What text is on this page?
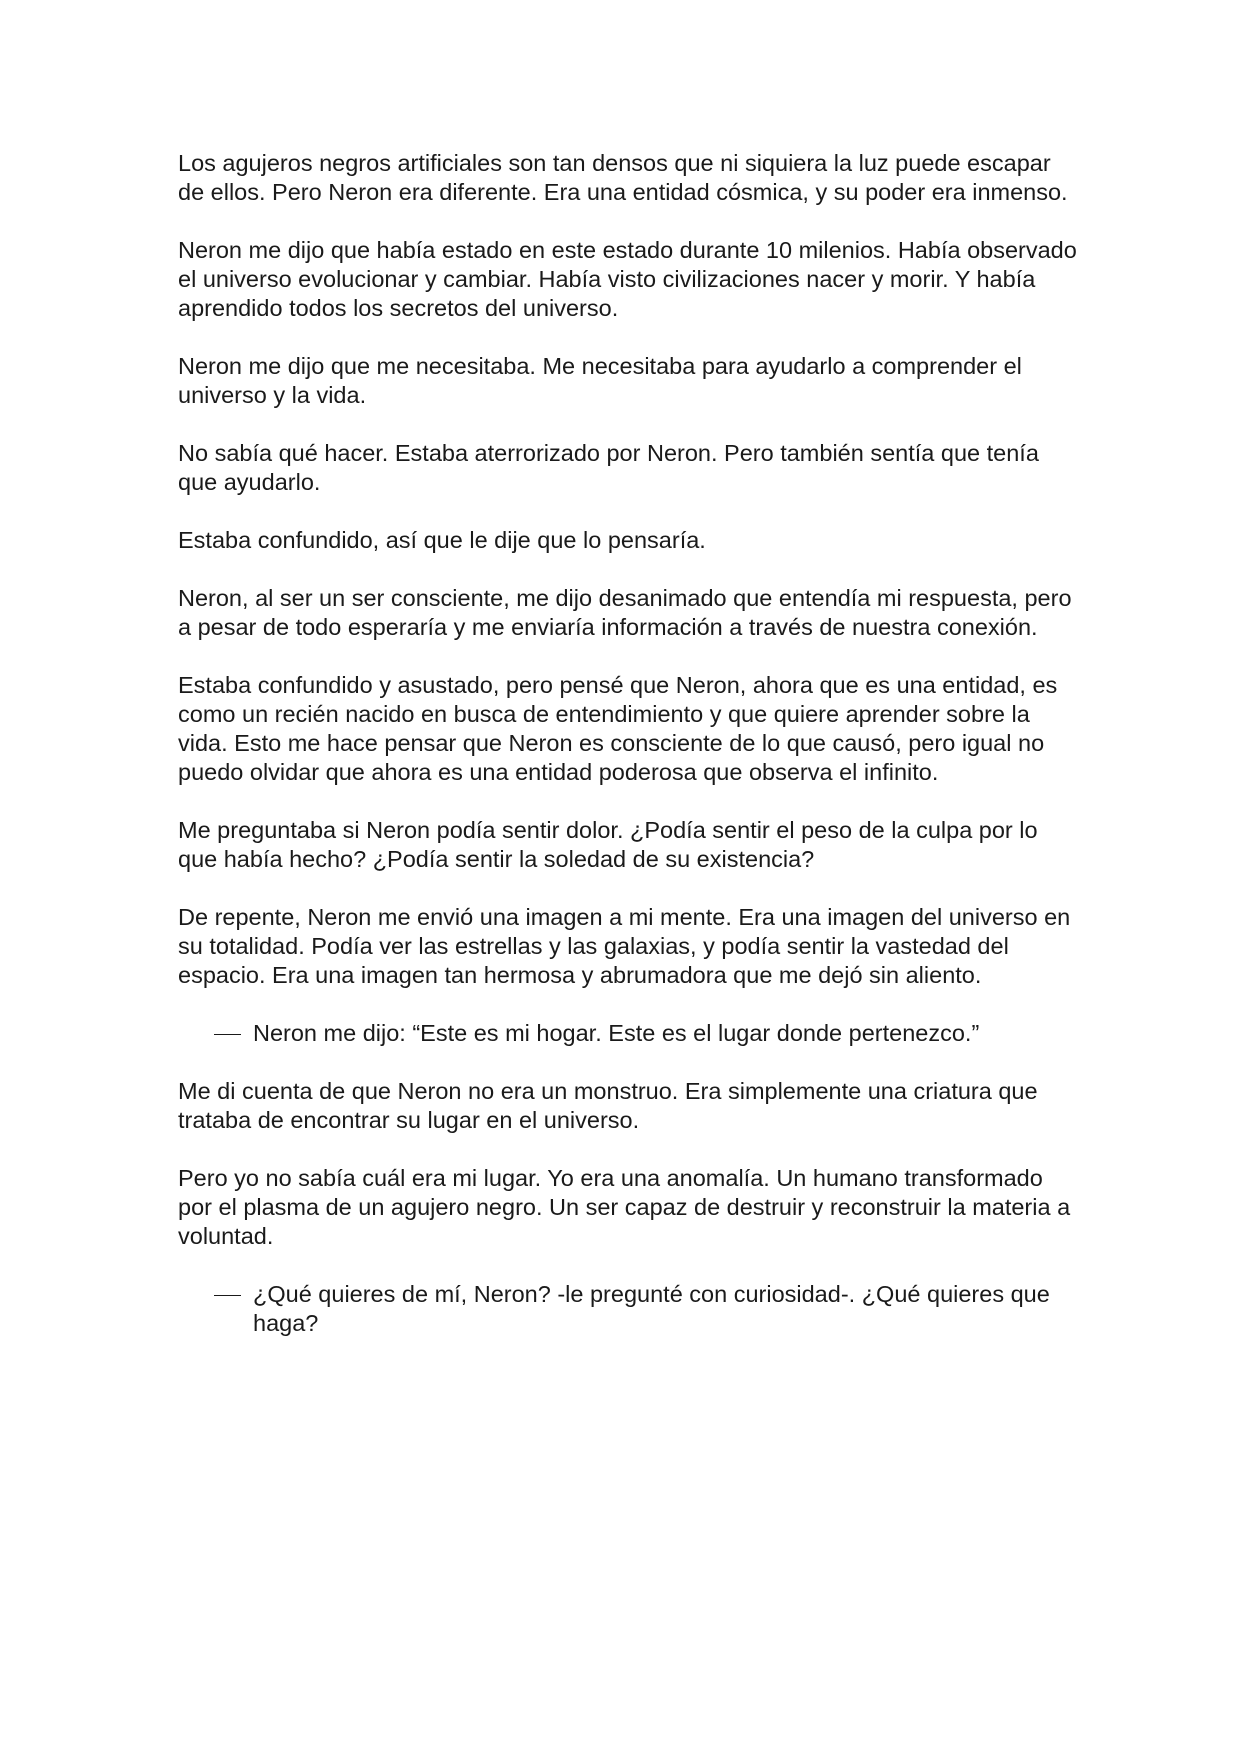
Los agujeros negros artificiales son tan densos que ni siquiera la luz puede escapar de ellos. Pero Neron era diferente. Era una entidad cósmica, y su poder era inmenso.

Neron me dijo que había estado en este estado durante 10 milenios. Había observado el universo evolucionar y cambiar. Había visto civilizaciones nacer y morir. Y había aprendido todos los secretos del universo.

Neron me dijo que me necesitaba. Me necesitaba para ayudarlo a comprender el universo y la vida.

No sabía qué hacer. Estaba aterrorizado por Neron. Pero también sentía que tenía que ayudarlo.

Estaba confundido, así que le dije que lo pensaría.

Neron, al ser un ser consciente, me dijo desanimado que entendía mi respuesta, pero a pesar de todo esperaría y me enviaría información a través de nuestra conexión.

Estaba confundido y asustado, pero pensé que Neron, ahora que es una entidad, es como un recién nacido en busca de entendimiento y que quiere aprender sobre la vida. Esto me hace pensar que Neron es consciente de lo que causó, pero igual no puedo olvidar que ahora es una entidad poderosa que observa el infinito.

Me preguntaba si Neron podía sentir dolor. ¿Podía sentir el peso de la culpa por lo que había hecho? ¿Podía sentir la soledad de su existencia?

De repente, Neron me envió una imagen a mi mente. Era una imagen del universo en su totalidad. Podía ver las estrellas y las galaxias, y podía sentir la vastedad del espacio. Era una imagen tan hermosa y abrumadora que me dejó sin aliento.

Neron me dijo: “Este es mi hogar. Este es el lugar donde pertenezco.”

Me di cuenta de que Neron no era un monstruo. Era simplemente una criatura que trataba de encontrar su lugar en el universo.

Pero yo no sabía cuál era mi lugar. Yo era una anomalía. Un humano transformado por el plasma de un agujero negro. Un ser capaz de destruir y reconstruir la materia a voluntad.

¿Qué quieres de mí, Neron? -le pregunté con curiosidad-. ¿Qué quieres que haga?
